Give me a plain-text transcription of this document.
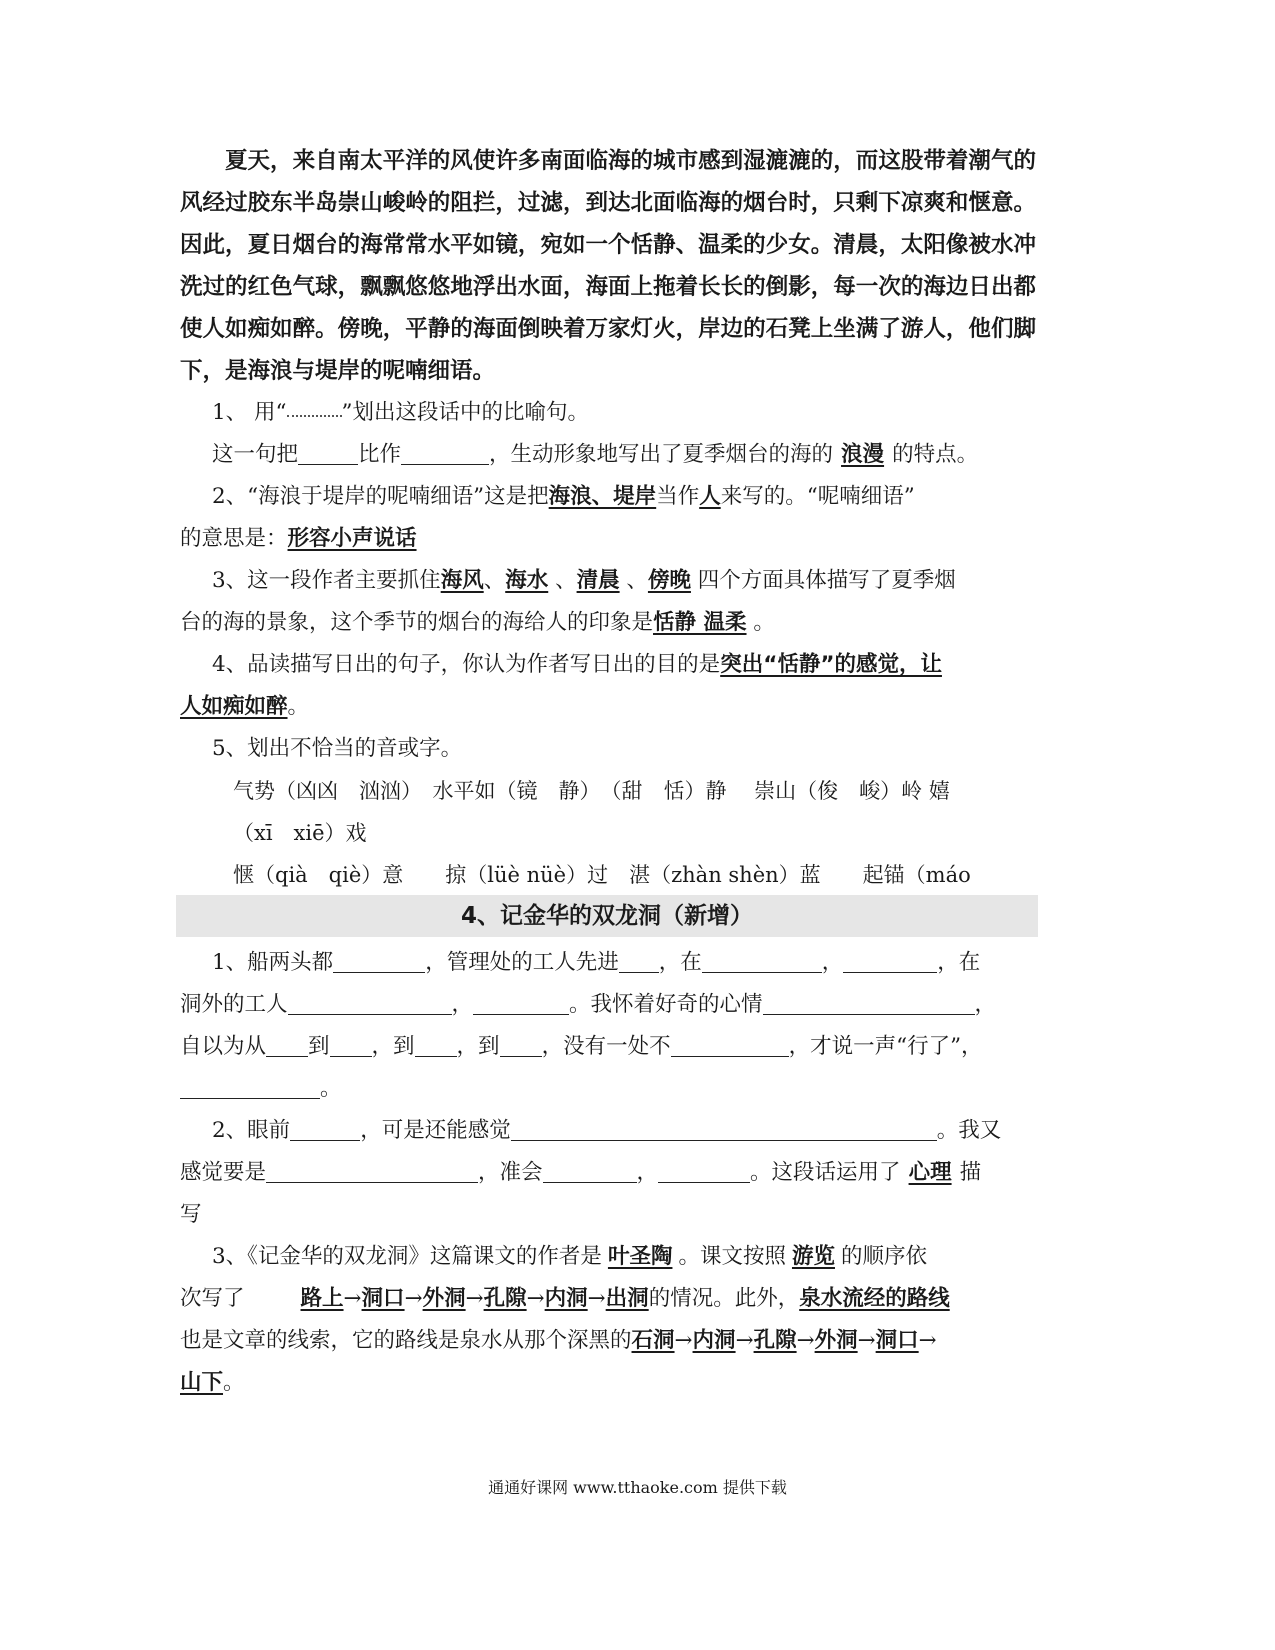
夏天，来自南太平洋的风使许多南面临海的城市感到湿漉漉的，而这股带着潮气的风经过胶东半岛崇山峻岭的阻拦，过滤，到达北面临海的烟台时，只剩下凉爽和惬意。因此，夏日烟台的海常常水平如镜，宛如一个恬静、温柔的少女。清晨，太阳像被水冲洗过的红色气球，飘飘悠悠地浮出水面，海面上拖着长长的倒影，每一次的海边日出都使人如痴如醉。傍晚，平静的海面倒映着万家灯火，岸边的石凳上坐满了游人，他们脚下，是海浪与堤岸的呢喃细语。

1、 用“	”划出这段话中的比喻句。

这一句把	比作	，生动形象地写出了夏季烟台的海的 浪漫 的特点。

2、“海浪于堤岸的呢喃细语”这是把海浪、堤岸当作人来写的。“呢喃细语”

的意思是：形容小声说话

3、这一段作者主要抓住海风、海水 、清晨 、傍晚 四个方面具体描写了夏季烟

台的海的景象，这个季节的烟台的海给人的印象是恬静 温柔 。

4、品读描写日出的句子，你认为作者写日出的目的是突出“恬静”的感觉，让

人如痴如醉。

5、划出不恰当的音或字。

气势（凶凶　汹汹）　水平如（镜　静）　（甜　恬）静　 崇山（俊　峻）岭 嬉

（xī　xiē）戏

惬（qià　qiè）意　　掠（lüè nüè）过　湛（zhàn shèn）蓝　　起锚（máo

4、记金华的双龙洞（新增）

1、船两头都	，管理处的工人先进 ，在	，	，在

洞外的工人	，	。我怀着好奇的心情	，

自以为从 到 ，到 ，到 ，没有一处不	，才说一声“行了”，

。

2、眼前	，可是还能感觉	。我又

感觉要是	，准会	，	。这段话运用了 心理 描

写

3、《记金华的双龙洞》这篇课文的作者是 叶圣陶 。课文按照 游览 的顺序依

次写了	路上→洞口→外洞→孔隙→内洞→出洞的情况。此外，泉水流经的路线

也是文章的线索，它的路线是泉水从那个深黑的石洞→内洞→孔隙→外洞→洞口→

山下。

通通好课网 www.tthaoke.com 提供下载
